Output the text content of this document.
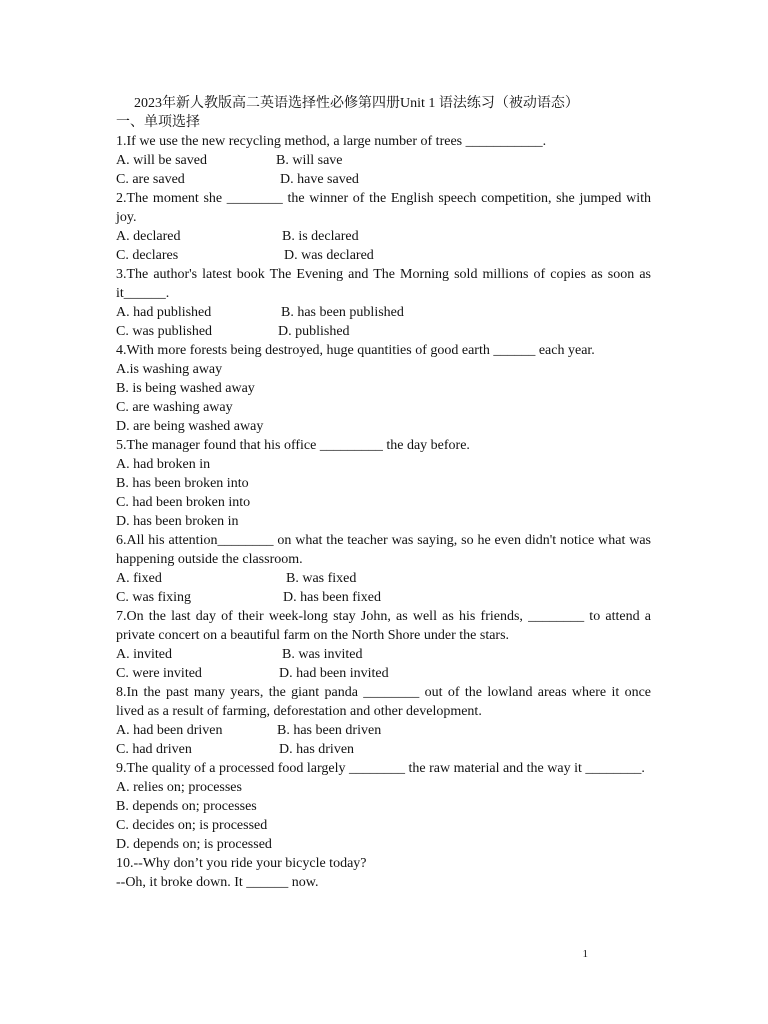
2023年新人教版高二英语选择性必修第四册Unit 1 语法练习（被动语态）
一、单项选择
1.If we use the new recycling method, a large number of trees ___________.
A. will be saved	B. will save
C. are saved	D. have saved
2.The moment she ________ the winner of the English speech competition, she jumped with joy.
A. declared	B. is declared
C. declares	D. was declared
3.The author's latest book The Evening and The Morning sold millions of copies as soon as it______.
A. had published	B. has been published
C. was published	D. published
4.With more forests being destroyed, huge quantities of good earth ______ each year.
A.is washing away
B. is being washed away
C. are washing away
D. are being washed away
5.The manager found that his office _________ the day before.
A. had broken in
B. has been broken into
C. had been broken into
D. has been broken in
6.All his attention________ on what the teacher was saying, so he even didn't notice what was happening outside the classroom.
A. fixed	B. was fixed
C. was fixing	D. has been fixed
7.On the last day of their week-long stay John, as well as his friends, ________ to attend a private concert on a beautiful farm on the North Shore under the stars.
A. invited	B. was invited
C. were invited	D. had been invited
8.In the past many years, the giant panda ________ out of the lowland areas where it once lived as a result of farming, deforestation and other development.
A. had been driven	B. has been driven
C. had driven	D. has driven
9.The quality of a processed food largely ________ the raw material and the way it ________.
A. relies on; processes
B. depends on; processes
C. decides on; is processed
D. depends on; is processed
10.--Why don’t you ride your bicycle today?
--Oh, it broke down. It ______ now.
1
